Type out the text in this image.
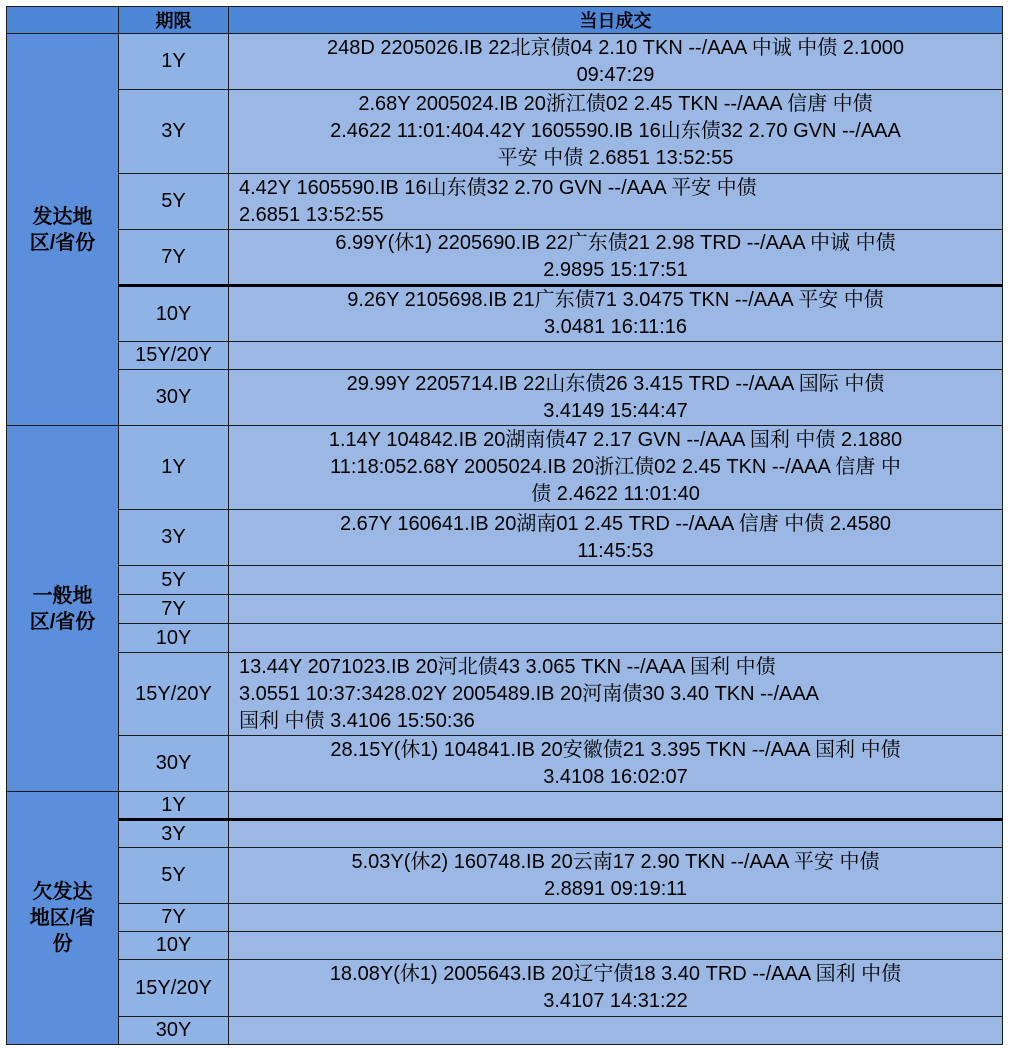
	期限	当日成交
发达地
区/省份	1Y	248D 2205026.IB 22北京债04 2.10 TKN --/AAA 中诚 中债 2.1000
09:47:29
	3Y	2.68Y 2005024.IB 20浙江债02 2.45 TKN --/AAA 信唐 中债
2.4622 11:01:404.42Y 1605590.IB 16山东债32 2.70 GVN --/AAA
平安 中债 2.6851 13:52:55
	5Y	4.42Y 1605590.IB 16山东债32 2.70 GVN --/AAA 平安 中债
2.6851 13:52:55
	7Y	6.99Y(休1) 2205690.IB 22广东债21 2.98 TRD --/AAA 中诚 中债
2.9895 15:17:51
	10Y	9.26Y 2105698.IB 21广东债71 3.0475 TKN --/AAA 平安 中债
3.0481 16:11:16
	15Y/20Y	
	30Y	29.99Y 2205714.IB 22山东债26 3.415 TRD --/AAA 国际 中债
3.4149 15:44:47
一般地
区/省份	1Y	1.14Y 104842.IB 20湖南债47 2.17 GVN --/AAA 国利 中债 2.1880
11:18:052.68Y 2005024.IB 20浙江债02 2.45 TKN --/AAA 信唐 中
债 2.4622 11:01:40
	3Y	2.67Y 160641.IB 20湖南01 2.45 TRD --/AAA 信唐 中债 2.4580
11:45:53
	5Y	
	7Y	
	10Y	
	15Y/20Y	13.44Y 2071023.IB 20河北债43 3.065 TKN --/AAA 国利 中债
3.0551 10:37:3428.02Y 2005489.IB 20河南债30 3.40 TKN --/AAA
国利 中债 3.4106 15:50:36
	30Y	28.15Y(休1) 104841.IB 20安徽债21 3.395 TKN --/AAA 国利 中债
3.4108 16:02:07
欠发达
地区/省
份	1Y	
	3Y	
	5Y	5.03Y(休2) 160748.IB 20云南17 2.90 TKN --/AAA 平安 中债
2.8891 09:19:11
	7Y	
	10Y	
	15Y/20Y	18.08Y(休1) 2005643.IB 20辽宁债18 3.40 TRD --/AAA 国利 中债
3.4107 14:31:22
	30Y	
